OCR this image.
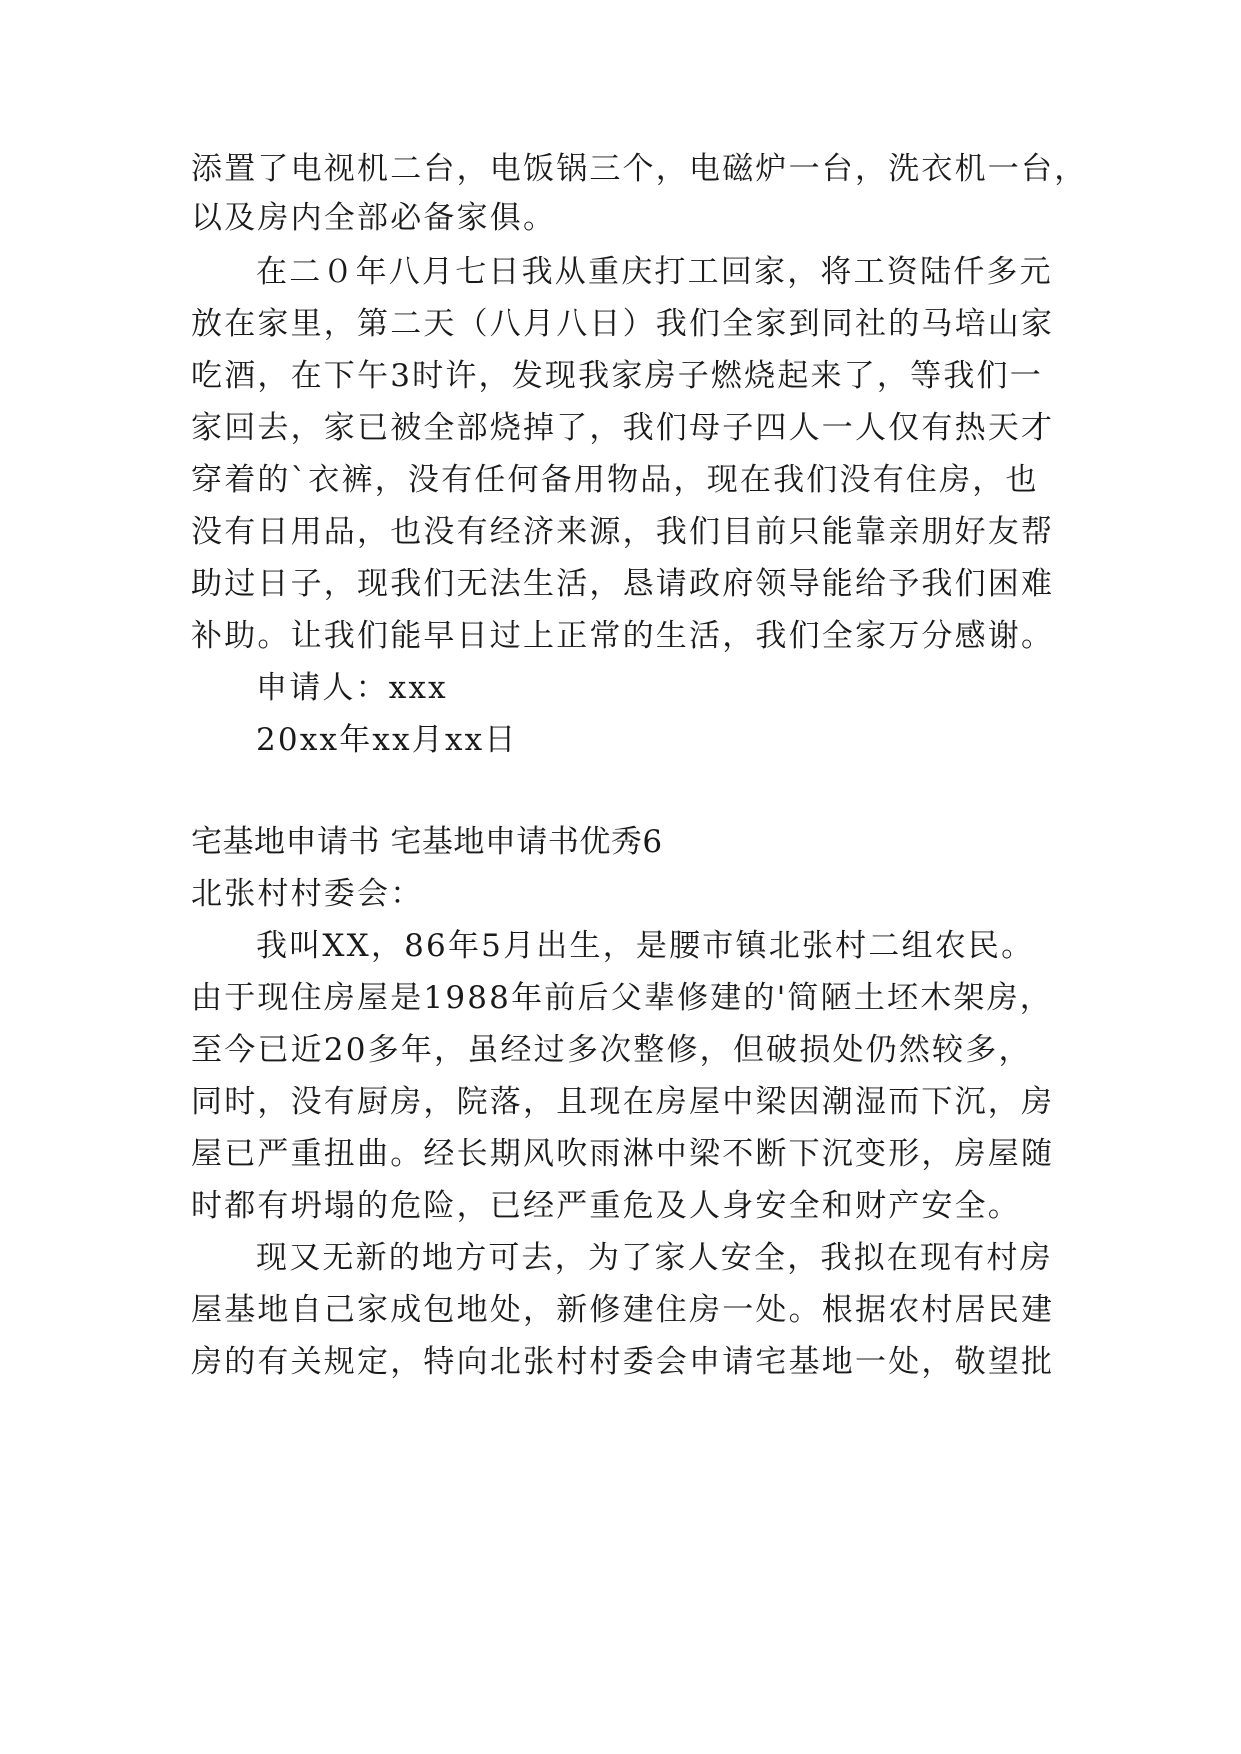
添置了电视机二台，电饭锅三个，电磁炉一台，洗衣机一台，
以及房内全部必备家俱。
在二０年八月七日我从重庆打工回家，将工资陆仟多元
放在家里，第二天（八月八日）我们全家到同社的马培山家
吃酒，在下午3时许，发现我家房子燃烧起来了，等我们一
家回去，家已被全部烧掉了，我们母子四人一人仅有热天才
穿着的`衣裤，没有任何备用物品，现在我们没有住房，也
没有日用品，也没有经济来源，我们目前只能靠亲朋好友帮
助过日子，现我们无法生活，恳请政府领导能给予我们困难
补助。让我们能早日过上正常的生活，我们全家万分感谢。
申请人：xxx
20xx年xx月xx日
宅基地申请书 宅基地申请书优秀6
北张村村委会：
我叫XX，86年5月出生，是腰市镇北张村二组农民。
由于现住房屋是1988年前后父辈修建的'简陋土坯木架房，
至今已近20多年，虽经过多次整修，但破损处仍然较多，
同时，没有厨房，院落，且现在房屋中梁因潮湿而下沉，房
屋已严重扭曲。经长期风吹雨淋中梁不断下沉变形，房屋随
时都有坍塌的危险，已经严重危及人身安全和财产安全。
现又无新的地方可去，为了家人安全，我拟在现有村房
屋基地自己家成包地处，新修建住房一处。根据农村居民建
房的有关规定，特向北张村村委会申请宅基地一处，敬望批
